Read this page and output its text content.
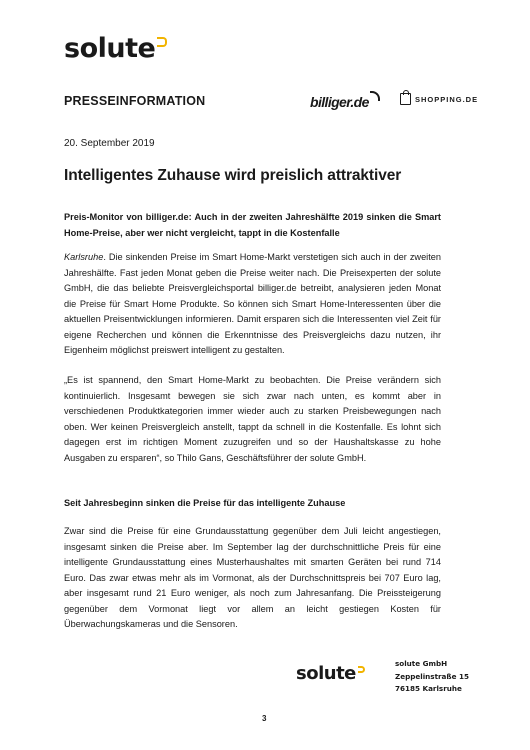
solute
PRESSEINFORMATION	billiger.de	SHOPPING.DE
20. September 2019
Intelligentes Zuhause wird preislich attraktiver

Preis-Monitor von billiger.de: Auch in der zweiten Jahreshälfte 2019 sinken die Smart Home-Preise, aber wer nicht vergleicht, tappt in die Kostenfalle

Karlsruhe. Die sinkenden Preise im Smart Home-Markt verstetigen sich auch in der zweiten Jahreshälfte. Fast jeden Monat geben die Preise weiter nach. Die Preisexperten der solute GmbH, die das beliebte Preisvergleichsportal billiger.de betreibt, analysieren jeden Monat die Preise für Smart Home Produkte. So können sich Smart Home-Interessenten über die aktuellen Preisentwicklungen informieren. Damit ersparen sich die Interessenten viel Zeit für eigene Recherchen und können die Erkenntnisse des Preisvergleichs dazu nutzen, ihr Eigenheim möglichst preiswert intelligent zu gestalten.

„Es ist spannend, den Smart Home-Markt zu beobachten. Die Preise verändern sich kontinuierlich. Insgesamt bewegen sie sich zwar nach unten, es kommt aber in verschiedenen Produktkategorien immer wieder auch zu starken Preisbewegungen nach oben. Wer keinen Preisvergleich anstellt, tappt da schnell in die Kostenfalle. Es lohnt sich dagegen erst im richtigen Moment zuzugreifen und so der Haushaltskasse zu hohe Ausgaben zu ersparen“, so Thilo Gans, Geschäftsführer der solute GmbH.

Seit Jahresbeginn sinken die Preise für das intelligente Zuhause

Zwar sind die Preise für eine Grundausstattung gegenüber dem Juli leicht angestiegen, insgesamt sinken die Preise aber. Im September lag der durchschnittliche Preis für eine intelligente Grundausstattung eines Musterhaushaltes mit smarten Geräten bei rund 714 Euro. Das zwar etwas mehr als im Vormonat, als der Durchschnittspreis bei 707 Euro lag, aber insgesamt rund 21 Euro weniger, als noch zum Jahresanfang. Die Preissteigerung gegenüber dem Vormonat liegt vor allem an leicht gestiegen Kosten für Überwachungskameras und die Sensoren.

solute	solute GmbH
Zeppelinstraße 15
76185 Karlsruhe
3
